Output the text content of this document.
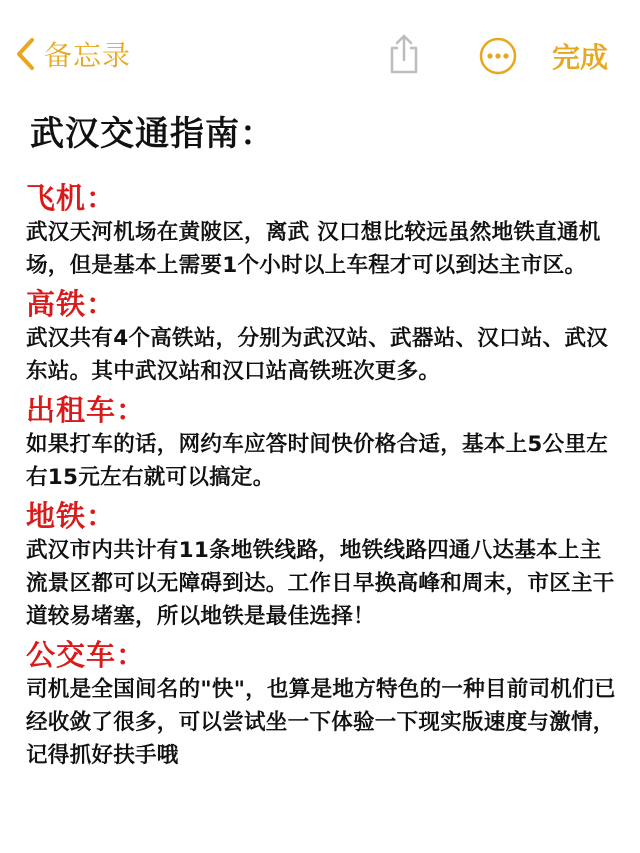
备忘录	完成
武汉交通指南：
飞机：
武汉天河机场在黄陂区，离武 汉口想比较远虽然地铁直通机场，但是基本上需要1个小时以上车程才可以到达主市区。
高铁：
武汉共有4个高铁站，分别为武汉站、武器站、汉口站、武汉东站。其中武汉站和汉口站高铁班次更多。
出租车：
如果打车的话，网约车应答时间快价格合适，基本上5公里左右15元左右就可以搞定。
地铁：
武汉市内共计有11条地铁线路，地铁线路四通八达基本上主流景区都可以无障碍到达。工作日早换高峰和周末，市区主干道较易堵塞，所以地铁是最佳选择！
公交车：
司机是全国间名的"快"，也算是地方特色的一种目前司机们已经收敛了很多，可以尝试坐一下体验一下现实版速度与激情，记得抓好扶手哦
